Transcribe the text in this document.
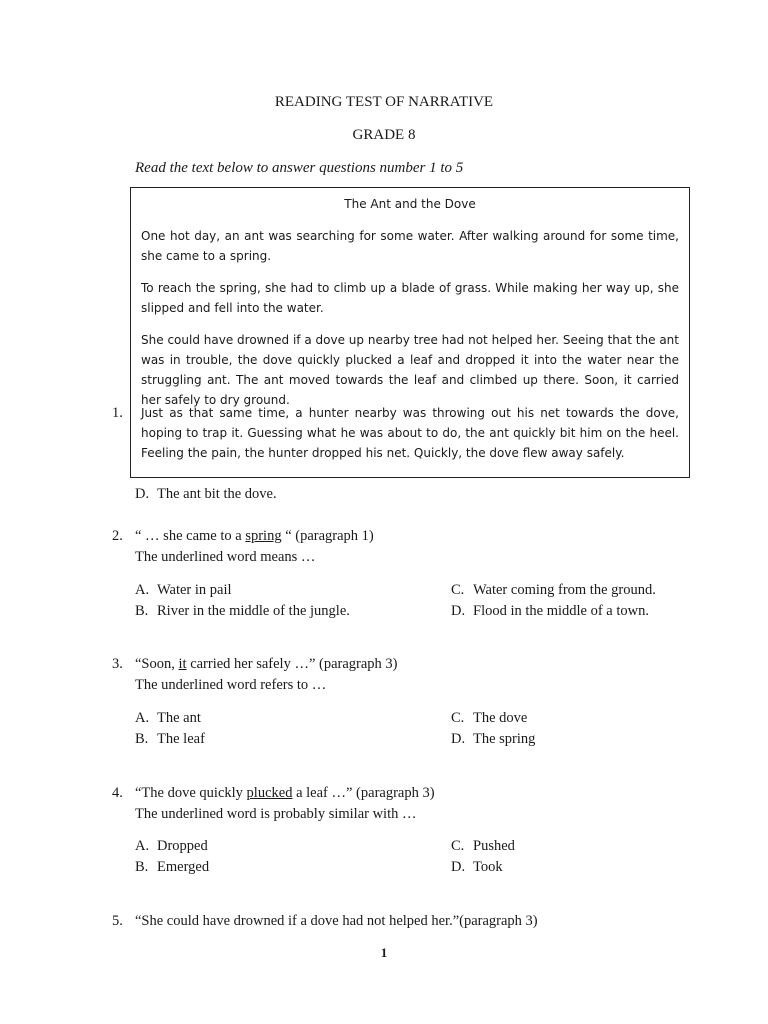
READING TEST OF NARRATIVE
GRADE 8
Read the text below to answer questions number 1 to 5
1.
D. The ant bit the dove.
The Ant and the Dove

One hot day, an ant was searching for some water. After walking around for some time, she came to a spring.

To reach the spring, she had to climb up a blade of grass. While making her way up, she slipped and fell into the water.

She could have drowned if a dove up nearby tree had not helped her. Seeing that the ant was in trouble, the dove quickly plucked a leaf and dropped it into the water near the struggling ant. The ant moved towards the leaf and climbed up there. Soon, it carried her safely to dry ground.

Just as that same time, a hunter nearby was throwing out his net towards the dove, hoping to trap it. Guessing what he was about to do, the ant quickly bit him on the heel. Feeling the pain, the hunter dropped his net. Quickly, the dove flew away safely.

2. “ … she came to a spring “ (paragraph 1)
The underlined word means …
A. Water in pail
B. River in the middle of the jungle.
C. Water coming from the ground.
D. Flood in the middle of a town.
3. “Soon, it carried her safely …” (paragraph 3)
The underlined word refers to …
A. The ant
B. The leaf
C. The dove
D. The spring
4. “The dove quickly plucked a leaf …” (paragraph 3)
The underlined word is probably similar with …
A. Dropped
B. Emerged
C. Pushed
D. Took
5. “She could have drowned if a dove had not helped her.”(paragraph 3)
1
